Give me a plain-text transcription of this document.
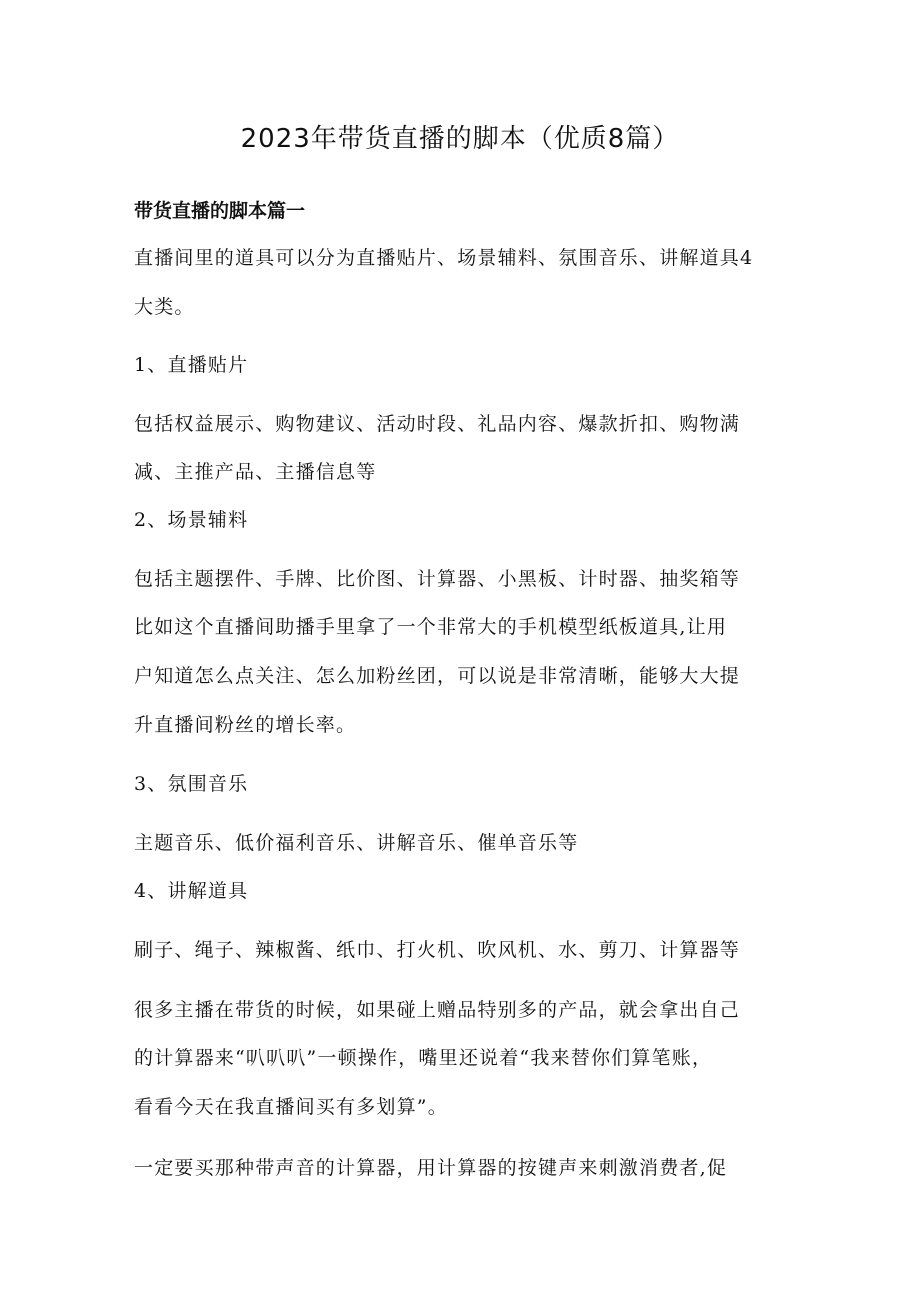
2023年带货直播的脚本（优质8篇）
带货直播的脚本篇一
直播间里的道具可以分为直播贴片、场景辅料、氛围音乐、讲解道具4
大类。
1、直播贴片
包括权益展示、购物建议、活动时段、礼品内容、爆款折扣、购物满
减、主推产品、主播信息等
2、场景辅料
包括主题摆件、手牌、比价图、计算器、小黑板、计时器、抽奖箱等
比如这个直播间助播手里拿了一个非常大的手机模型纸板道具,让用
户知道怎么点关注、怎么加粉丝团，可以说是非常清晰，能够大大提
升直播间粉丝的增长率。
3、氛围音乐
主题音乐、低价福利音乐、讲解音乐、催单音乐等
4、讲解道具
刷子、绳子、辣椒酱、纸巾、打火机、吹风机、水、剪刀、计算器等
很多主播在带货的时候，如果碰上赠品特别多的产品，就会拿出自己
的计算器来“叭叭叭”一顿操作，嘴里还说着“我来替你们算笔账，
看看今天在我直播间买有多划算”。
一定要买那种带声音的计算器，用计算器的按键声来刺激消费者,促
